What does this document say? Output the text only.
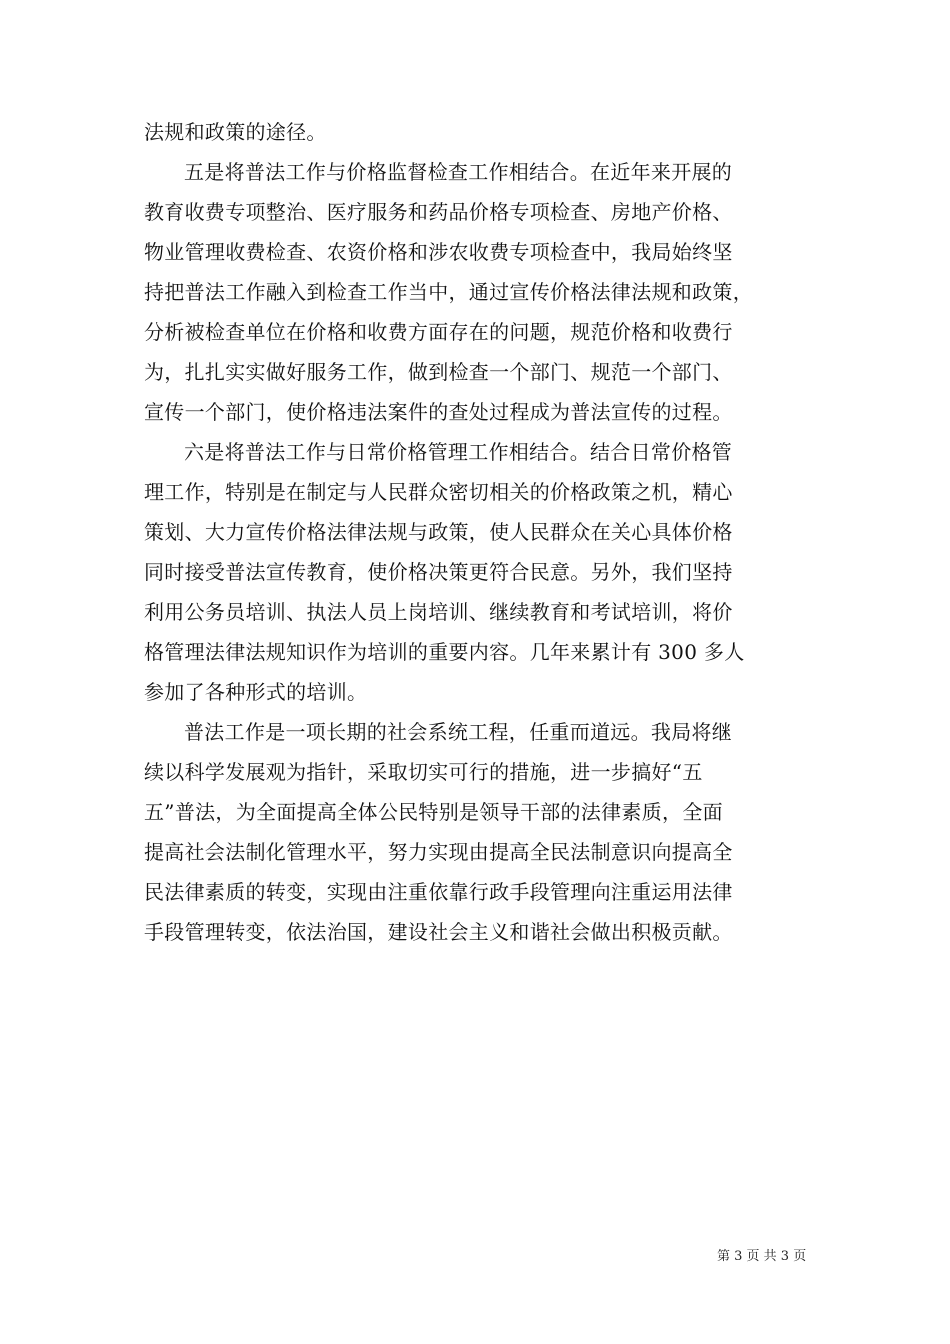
法规和政策的途径。
五是将普法工作与价格监督检查工作相结合。在近年来开展的
教育收费专项整治、医疗服务和药品价格专项检查、房地产价格、
物业管理收费检查、农资价格和涉农收费专项检查中，我局始终坚
持把普法工作融入到检查工作当中，通过宣传价格法律法规和政策，
分析被检查单位在价格和收费方面存在的问题，规范价格和收费行
为，扎扎实实做好服务工作，做到检查一个部门、规范一个部门、
宣传一个部门，使价格违法案件的查处过程成为普法宣传的过程。
六是将普法工作与日常价格管理工作相结合。结合日常价格管
理工作，特别是在制定与人民群众密切相关的价格政策之机，精心
策划、大力宣传价格法律法规与政策，使人民群众在关心具体价格
同时接受普法宣传教育，使价格决策更符合民意。另外，我们坚持
利用公务员培训、执法人员上岗培训、继续教育和考试培训，将价
格管理法律法规知识作为培训的重要内容。几年来累计有 300 多人
参加了各种形式的培训。
普法工作是一项长期的社会系统工程，任重而道远。我局将继
续以科学发展观为指针，采取切实可行的措施，进一步搞好“五
五”普法，为全面提高全体公民特别是领导干部的法律素质，全面
提高社会法制化管理水平，努力实现由提高全民法制意识向提高全
民法律素质的转变，实现由注重依靠行政手段管理向注重运用法律
手段管理转变，依法治国，建设社会主义和谐社会做出积极贡献。
第 3 页 共 3 页
